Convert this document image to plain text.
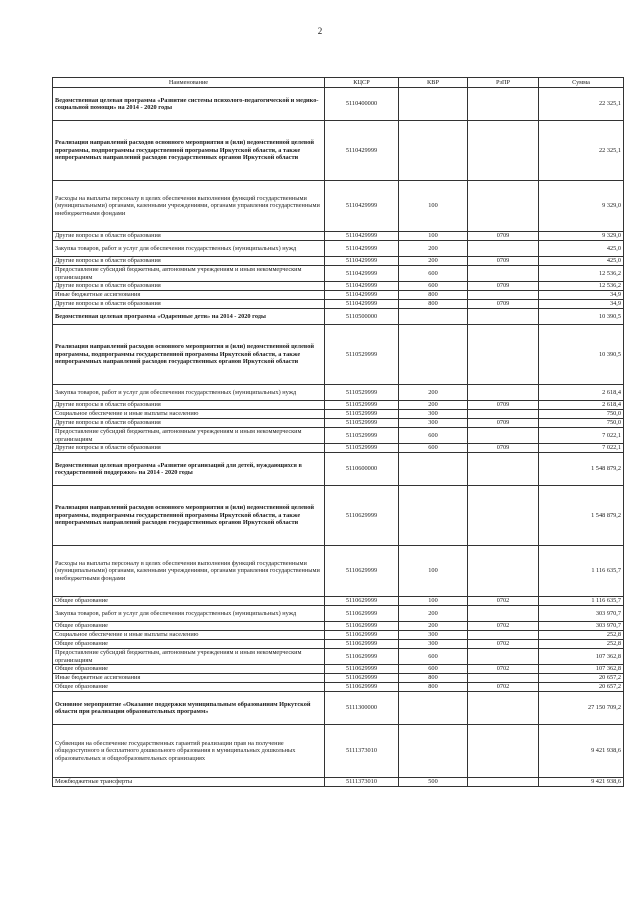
2
Наименование	КЦСР	КВР	РзПР	Сумма
Ведомственная целевая программа «Развитие системы психолого-педагогической и медико-социальной помощи» на 2014 - 2020 годы	5110400000			22 325,1
Реализация направлений расходов основного мероприятия и (или) ведомственной целевой программы, подпрограммы государственной программы Иркутской области, а также непрограммных направлений расходов государственных органов Иркутской области	5110429999			22 325,1
Расходы на выплаты персоналу в целях обеспечения выполнения функций государственными (муниципальными) органами, казенными учреждениями, органами управления государственными внебюджетными фондами	5110429999	100		9 329,0
Другие вопросы в области образования	5110429999	100	0709	9 329,0
Закупка товаров, работ и услуг для обеспечения государственных (муниципальных) нужд	5110429999	200		425,0
Другие вопросы в области образования	5110429999	200	0709	425,0
Предоставление субсидий бюджетным, автономным учреждениям и иным некоммерческим организациям	5110429999	600		12 536,2
Другие вопросы в области образования	5110429999	600	0709	12 536,2
Иные бюджетные ассигнования	5110429999	800		34,9
Другие вопросы в области образования	5110429999	800	0709	34,9
Ведомственная целевая программа «Одаренные дети» на 2014 - 2020 годы	5110500000			10 390,5
Реализация направлений расходов основного мероприятия и (или) ведомственной целевой программы, подпрограммы государственной программы Иркутской области, а также непрограммных направлений расходов государственных органов Иркутской области	5110529999			10 390,5
Закупка товаров, работ и услуг для обеспечения государственных (муниципальных) нужд	5110529999	200		2 618,4
Другие вопросы в области образования	5110529999	200	0709	2 618,4
Социальное обеспечение и иные выплаты населению	5110529999	300		750,0
Другие вопросы в области образования	5110529999	300	0709	750,0
Предоставление субсидий бюджетным, автономным учреждениям и иным некоммерческим организациям	5110529999	600		7 022,1
Другие вопросы в области образования	5110529999	600	0709	7 022,1
Ведомственная целевая программа «Развитие организаций для детей, нуждающихся в государственной поддержке» на 2014 - 2020 годы	5110600000			1 548 879,2
Реализация направлений расходов основного мероприятия и (или) ведомственной целевой программы, подпрограммы государственной программы Иркутской области, а также непрограммных направлений расходов государственных органов Иркутской области	5110629999			1 548 879,2
Расходы на выплаты персоналу в целях обеспечения выполнения функций государственными (муниципальными) органами, казенными учреждениями, органами управления государственными внебюджетными фондами	5110629999	100		1 116 635,7
Общее образование	5110629999	100	0702	1 116 635,7
Закупка товаров, работ и услуг для обеспечения государственных (муниципальных) нужд	5110629999	200		303 970,7
Общее образование	5110629999	200	0702	303 970,7
Социальное обеспечение и иные выплаты населению	5110629999	300		252,8
Общее образование	5110629999	300	0702	252,8
Предоставление субсидий бюджетным, автономным учреждениям и иным некоммерческим организациям	5110629999	600		107 362,8
Общее образование	5110629999	600	0702	107 362,8
Иные бюджетные ассигнования	5110629999	800		20 657,2
Общее образование	5110629999	800	0702	20 657,2
Основное мероприятие «Оказание поддержки муниципальным образованиям Иркутской области при реализации образовательных программ»	5111300000			27 150 709,2
Субвенция на обеспечение государственных гарантий реализации прав на получение общедоступного и бесплатного дошкольного образования в муниципальных дошкольных образовательных и общеобразовательных организациях	5111373010			9 421 938,6
Межбюджетные трансферты	5111373010	500		9 421 938,6
